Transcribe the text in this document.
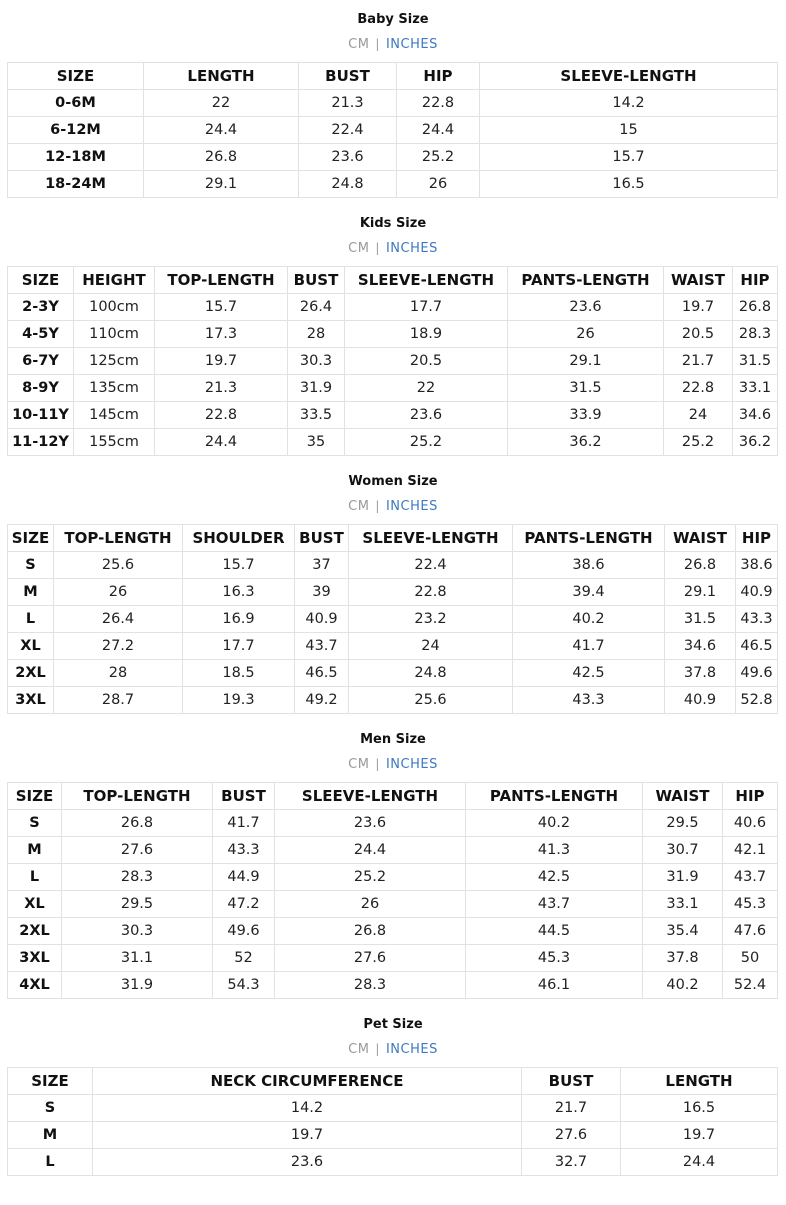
Baby Size
CM | INCHES
SIZE	LENGTH	BUST	HIP	SLEEVE-LENGTH
0-6M	22	21.3	22.8	14.2
6-12M	24.4	22.4	24.4	15
12-18M	26.8	23.6	25.2	15.7
18-24M	29.1	24.8	26	16.5
Kids Size
CM | INCHES
SIZE	HEIGHT	TOP-LENGTH	BUST	SLEEVE-LENGTH	PANTS-LENGTH	WAIST	HIP
2-3Y	100cm	15.7	26.4	17.7	23.6	19.7	26.8
4-5Y	110cm	17.3	28	18.9	26	20.5	28.3
6-7Y	125cm	19.7	30.3	20.5	29.1	21.7	31.5
8-9Y	135cm	21.3	31.9	22	31.5	22.8	33.1
10-11Y	145cm	22.8	33.5	23.6	33.9	24	34.6
11-12Y	155cm	24.4	35	25.2	36.2	25.2	36.2
Women Size
CM | INCHES
SIZE	TOP-LENGTH	SHOULDER	BUST	SLEEVE-LENGTH	PANTS-LENGTH	WAIST	HIP
S	25.6	15.7	37	22.4	38.6	26.8	38.6
M	26	16.3	39	22.8	39.4	29.1	40.9
L	26.4	16.9	40.9	23.2	40.2	31.5	43.3
XL	27.2	17.7	43.7	24	41.7	34.6	46.5
2XL	28	18.5	46.5	24.8	42.5	37.8	49.6
3XL	28.7	19.3	49.2	25.6	43.3	40.9	52.8
Men Size
CM | INCHES
SIZE	TOP-LENGTH	BUST	SLEEVE-LENGTH	PANTS-LENGTH	WAIST	HIP
S	26.8	41.7	23.6	40.2	29.5	40.6
M	27.6	43.3	24.4	41.3	30.7	42.1
L	28.3	44.9	25.2	42.5	31.9	43.7
XL	29.5	47.2	26	43.7	33.1	45.3
2XL	30.3	49.6	26.8	44.5	35.4	47.6
3XL	31.1	52	27.6	45.3	37.8	50
4XL	31.9	54.3	28.3	46.1	40.2	52.4
Pet Size
CM | INCHES
SIZE	NECK CIRCUMFERENCE	BUST	LENGTH
S	14.2	21.7	16.5
M	19.7	27.6	19.7
L	23.6	32.7	24.4
